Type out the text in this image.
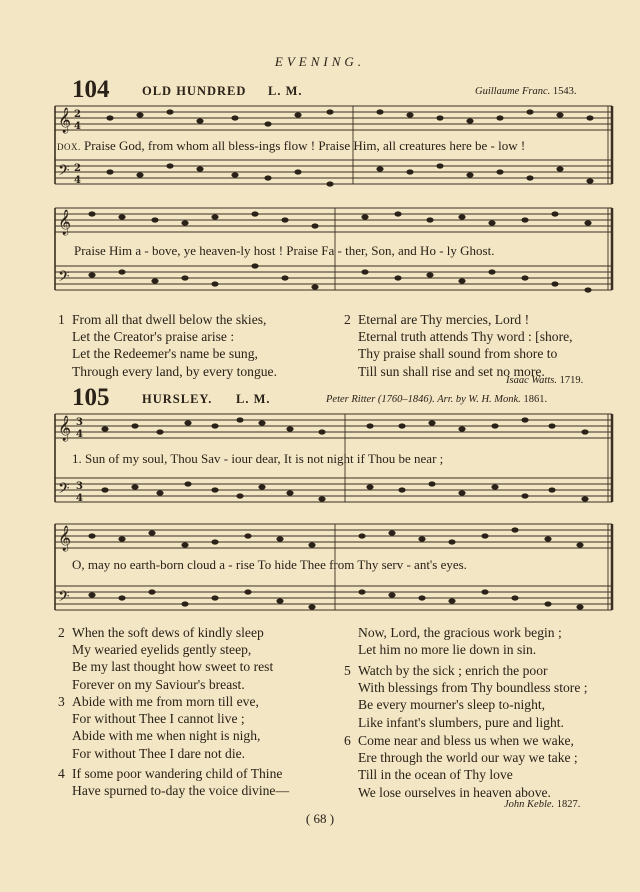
EVENING.
104	OLD HUNDRED L. M.	Guillaume Franc. 1543.
𝄞
𝄢
𝄞
𝄢
2
4
2
4
DOX. Praise God, from whom all bless-ings flow ! Praise Him, all creatures here be - low !
Praise Him a - bove, ye heaven-ly host ! Praise Fa - ther, Son, and Ho - ly Ghost.
1 From all that dwell below the skies,
Let the Creator's praise arise :
Let the Redeemer's name be sung,
Through every land, by every tongue.
2 Eternal are Thy mercies, Lord !
Eternal truth attends Thy word : [shore,
Thy praise shall sound from shore to
Till sun shall rise and set no more.
Isaac Watts. 1719.
105	HURSLEY. L. M.	Peter Ritter (1760–1846). Arr. by W. H. Monk. 1861.
𝄞
𝄢
𝄞
𝄢
3
4
3
4
1. Sun of my soul, Thou Sav - iour dear, It is not night if Thou be near ;
O, may no earth-born cloud a - rise To hide Thee from Thy serv - ant's eyes.
2 When the soft dews of kindly sleep
My wearied eyelids gently steep,
Be my last thought how sweet to rest
Forever on my Saviour's breast.
3 Abide with me from morn till eve,
For without Thee I cannot live ;
Abide with me when night is nigh,
For without Thee I dare not die.
4 If some poor wandering child of Thine
Have spurned to-day the voice divine—
Now, Lord, the gracious work begin ;
Let him no more lie down in sin.
5 Watch by the sick ; enrich the poor
With blessings from Thy boundless store ;
Be every mourner's sleep to-night,
Like infant's slumbers, pure and light.
6 Come near and bless us when we wake,
Ere through the world our way we take ;
Till in the ocean of Thy love
We lose ourselves in heaven above.
John Keble. 1827.
( 68 )
